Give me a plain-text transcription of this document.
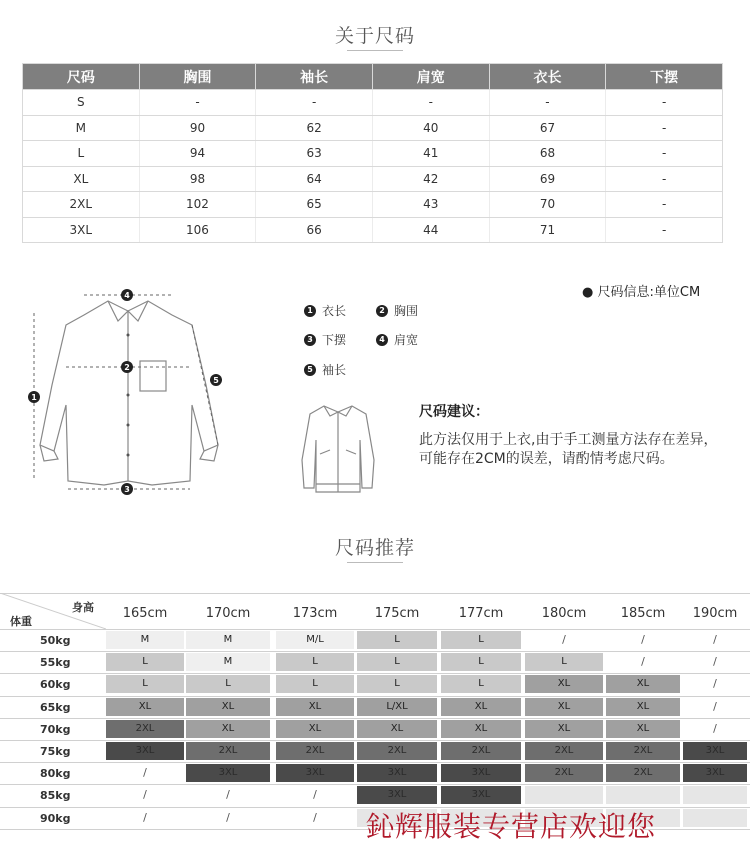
关于尺码
尺码	胸围	袖长	肩宽	衣长	下摆
S	-	-	-	-	-
M	90	62	40	67	-
L	94	63	41	68	-
XL	98	64	42	69	-
2XL	102	65	43	70	-
3XL	106	66	44	71	-
4
2
3
1
5
1 衣长	2 胸围
3 下摆	4 肩宽
5 袖长
● 尺码信息:单位CM
尺码建议：
此方法仅用于上衣,由于手工测量方法存在差异，可能存在2CM的误差，请酌情考虑尺码。
尺码推荐
身高
体重
165cm	170cm	173cm	175cm	177cm	180cm	185cm	190cm
50kg	M	M	M/L	L	L	/	/	/
55kg	L	M	L	L	L	L	/	/
60kg	L	L	L	L	L	XL	XL	/
65kg	XL	XL	XL	L/XL	XL	XL	XL	/
70kg	2XL	XL	XL	XL	XL	XL	XL	/
75kg	3XL	2XL	2XL	2XL	2XL	2XL	2XL	3XL
80kg	/	3XL	3XL	3XL	3XL	2XL	2XL	3XL
85kg	/	/	/	3XL	3XL
90kg	/	/	/ 鈊辉服装专营店欢迎您
